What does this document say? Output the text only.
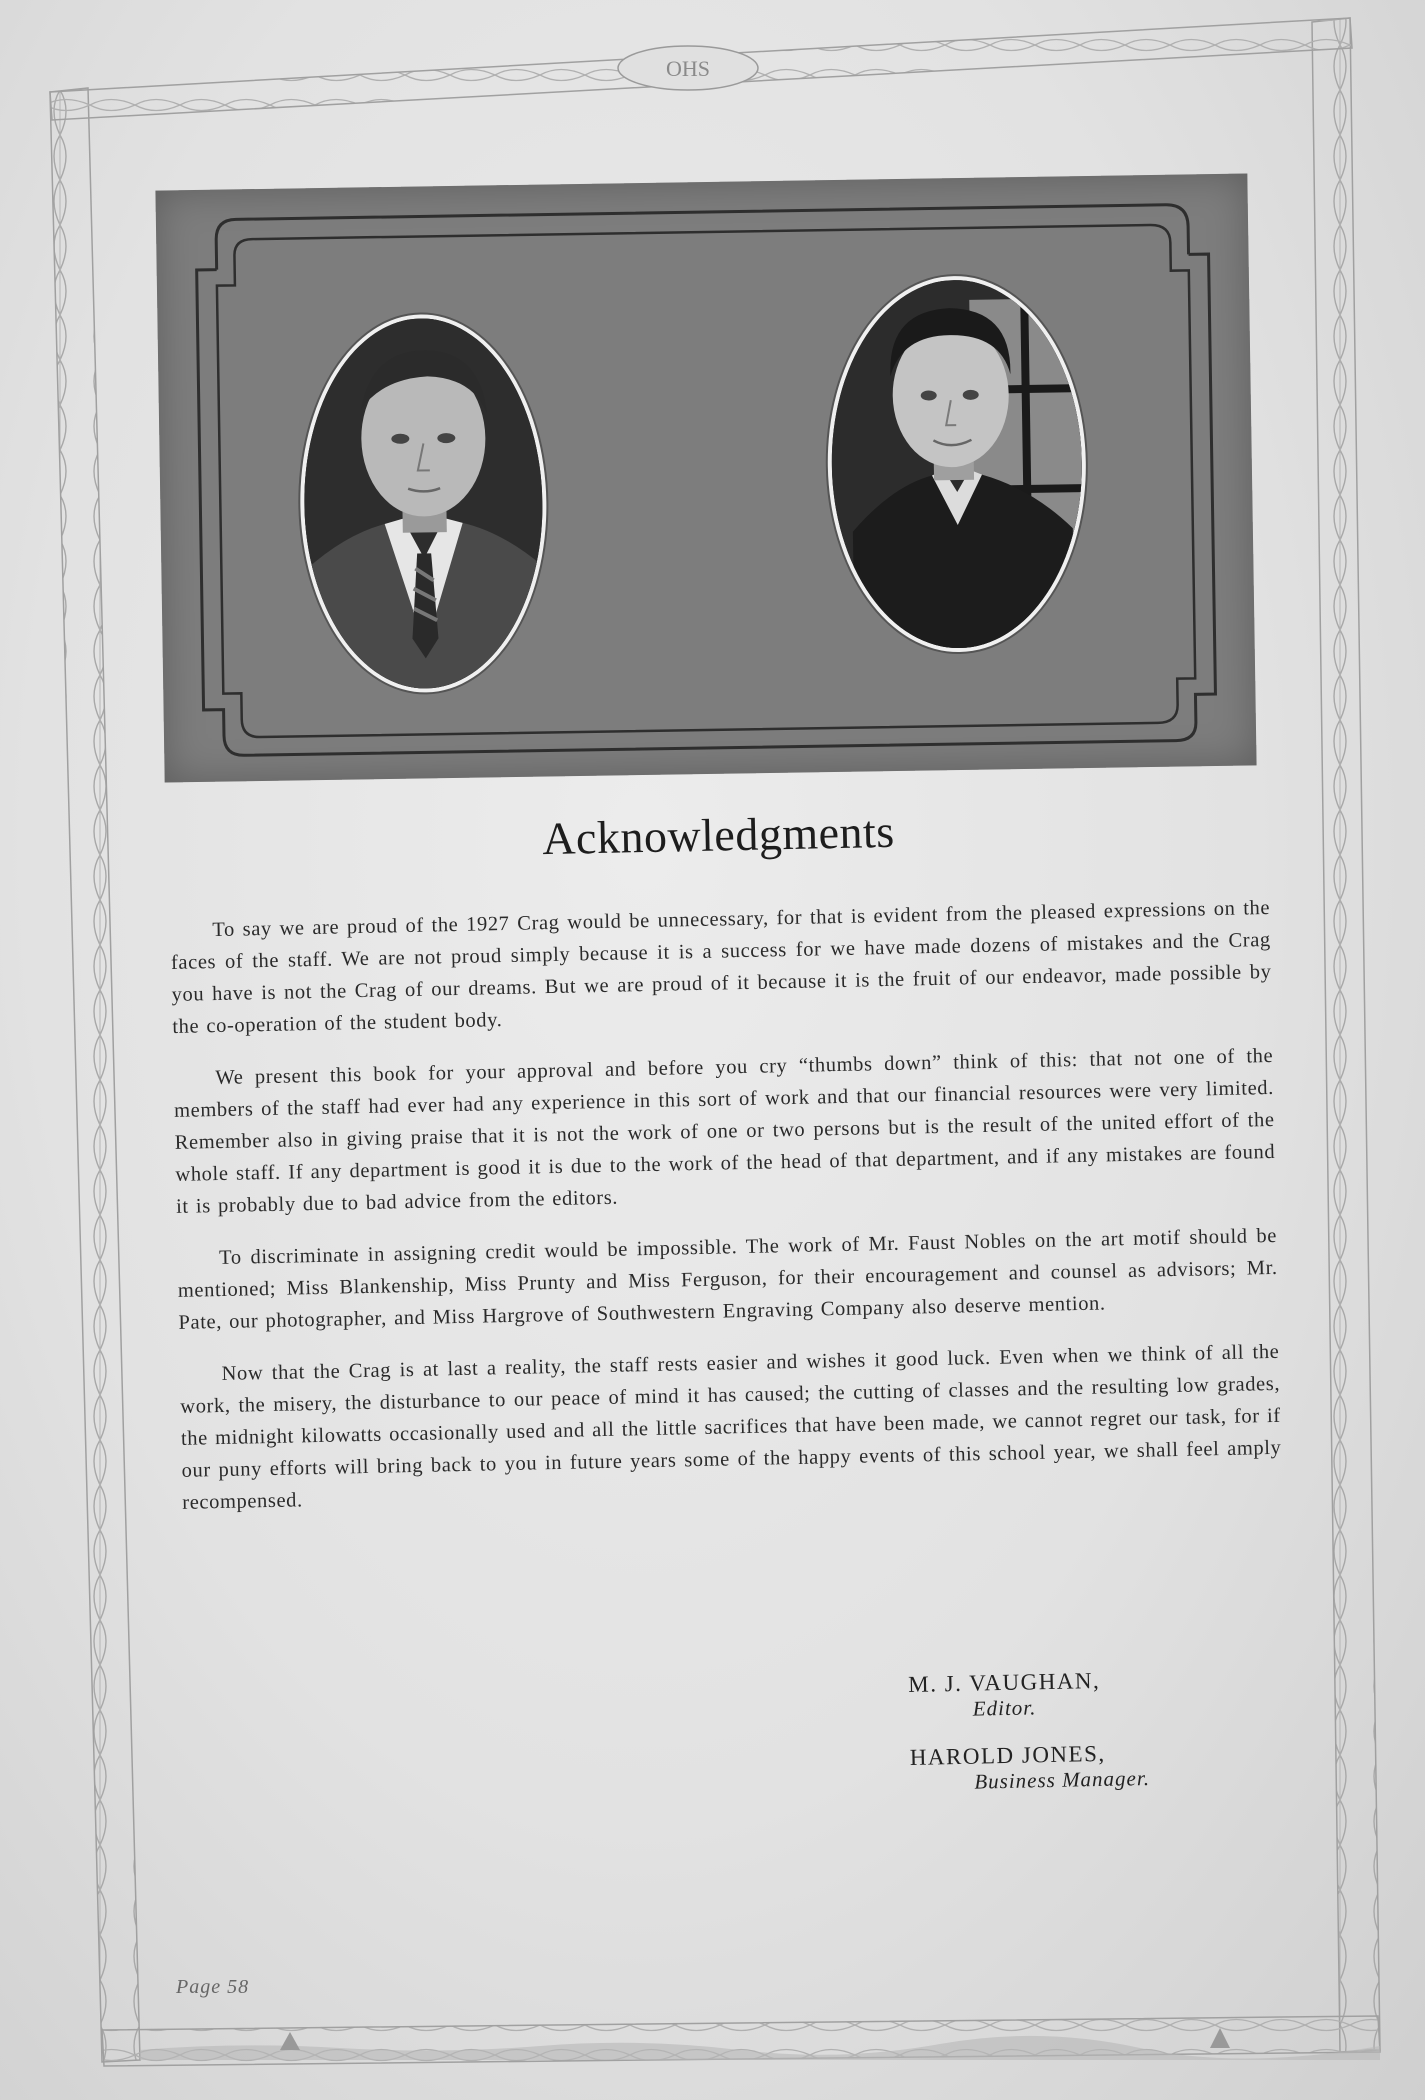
OHS
Acknowledgments

To say we are proud of the 1927 Crag would be unnecessary, for that is evident from the pleased expressions on the faces of the staff. We are not proud simply because it is a success for we have made dozens of mistakes and the Crag you have is not the Crag of our dreams. But we are proud of it because it is the fruit of our endeavor, made possible by the co-operation of the student body.

We present this book for your approval and before you cry “thumbs down” think of this: that not one of the members of the staff had ever had any experience in this sort of work and that our financial resources were very limited. Remember also in giving praise that it is not the work of one or two persons but is the result of the united effort of the whole staff. If any department is good it is due to the work of the head of that department, and if any mistakes are found it is probably due to bad advice from the editors.

To discriminate in assigning credit would be impossible. The work of Mr. Faust Nobles on the art motif should be mentioned; Miss Blankenship, Miss Prunty and Miss Ferguson, for their encouragement and counsel as advisors; Mr. Pate, our photographer, and Miss Hargrove of Southwestern Engraving Company also deserve mention.

Now that the Crag is at last a reality, the staff rests easier and wishes it good luck. Even when we think of all the work, the misery, the disturbance to our peace of mind it has caused; the cutting of classes and the resulting low grades, the midnight kilowatts occasionally used and all the little sacrifices that have been made, we cannot regret our task, for if our puny efforts will bring back to you in future years some of the happy events of this school year, we shall feel amply recompensed.

M. J. VAUGHAN,

Editor.

HAROLD JONES,

Business Manager.

Page 58
